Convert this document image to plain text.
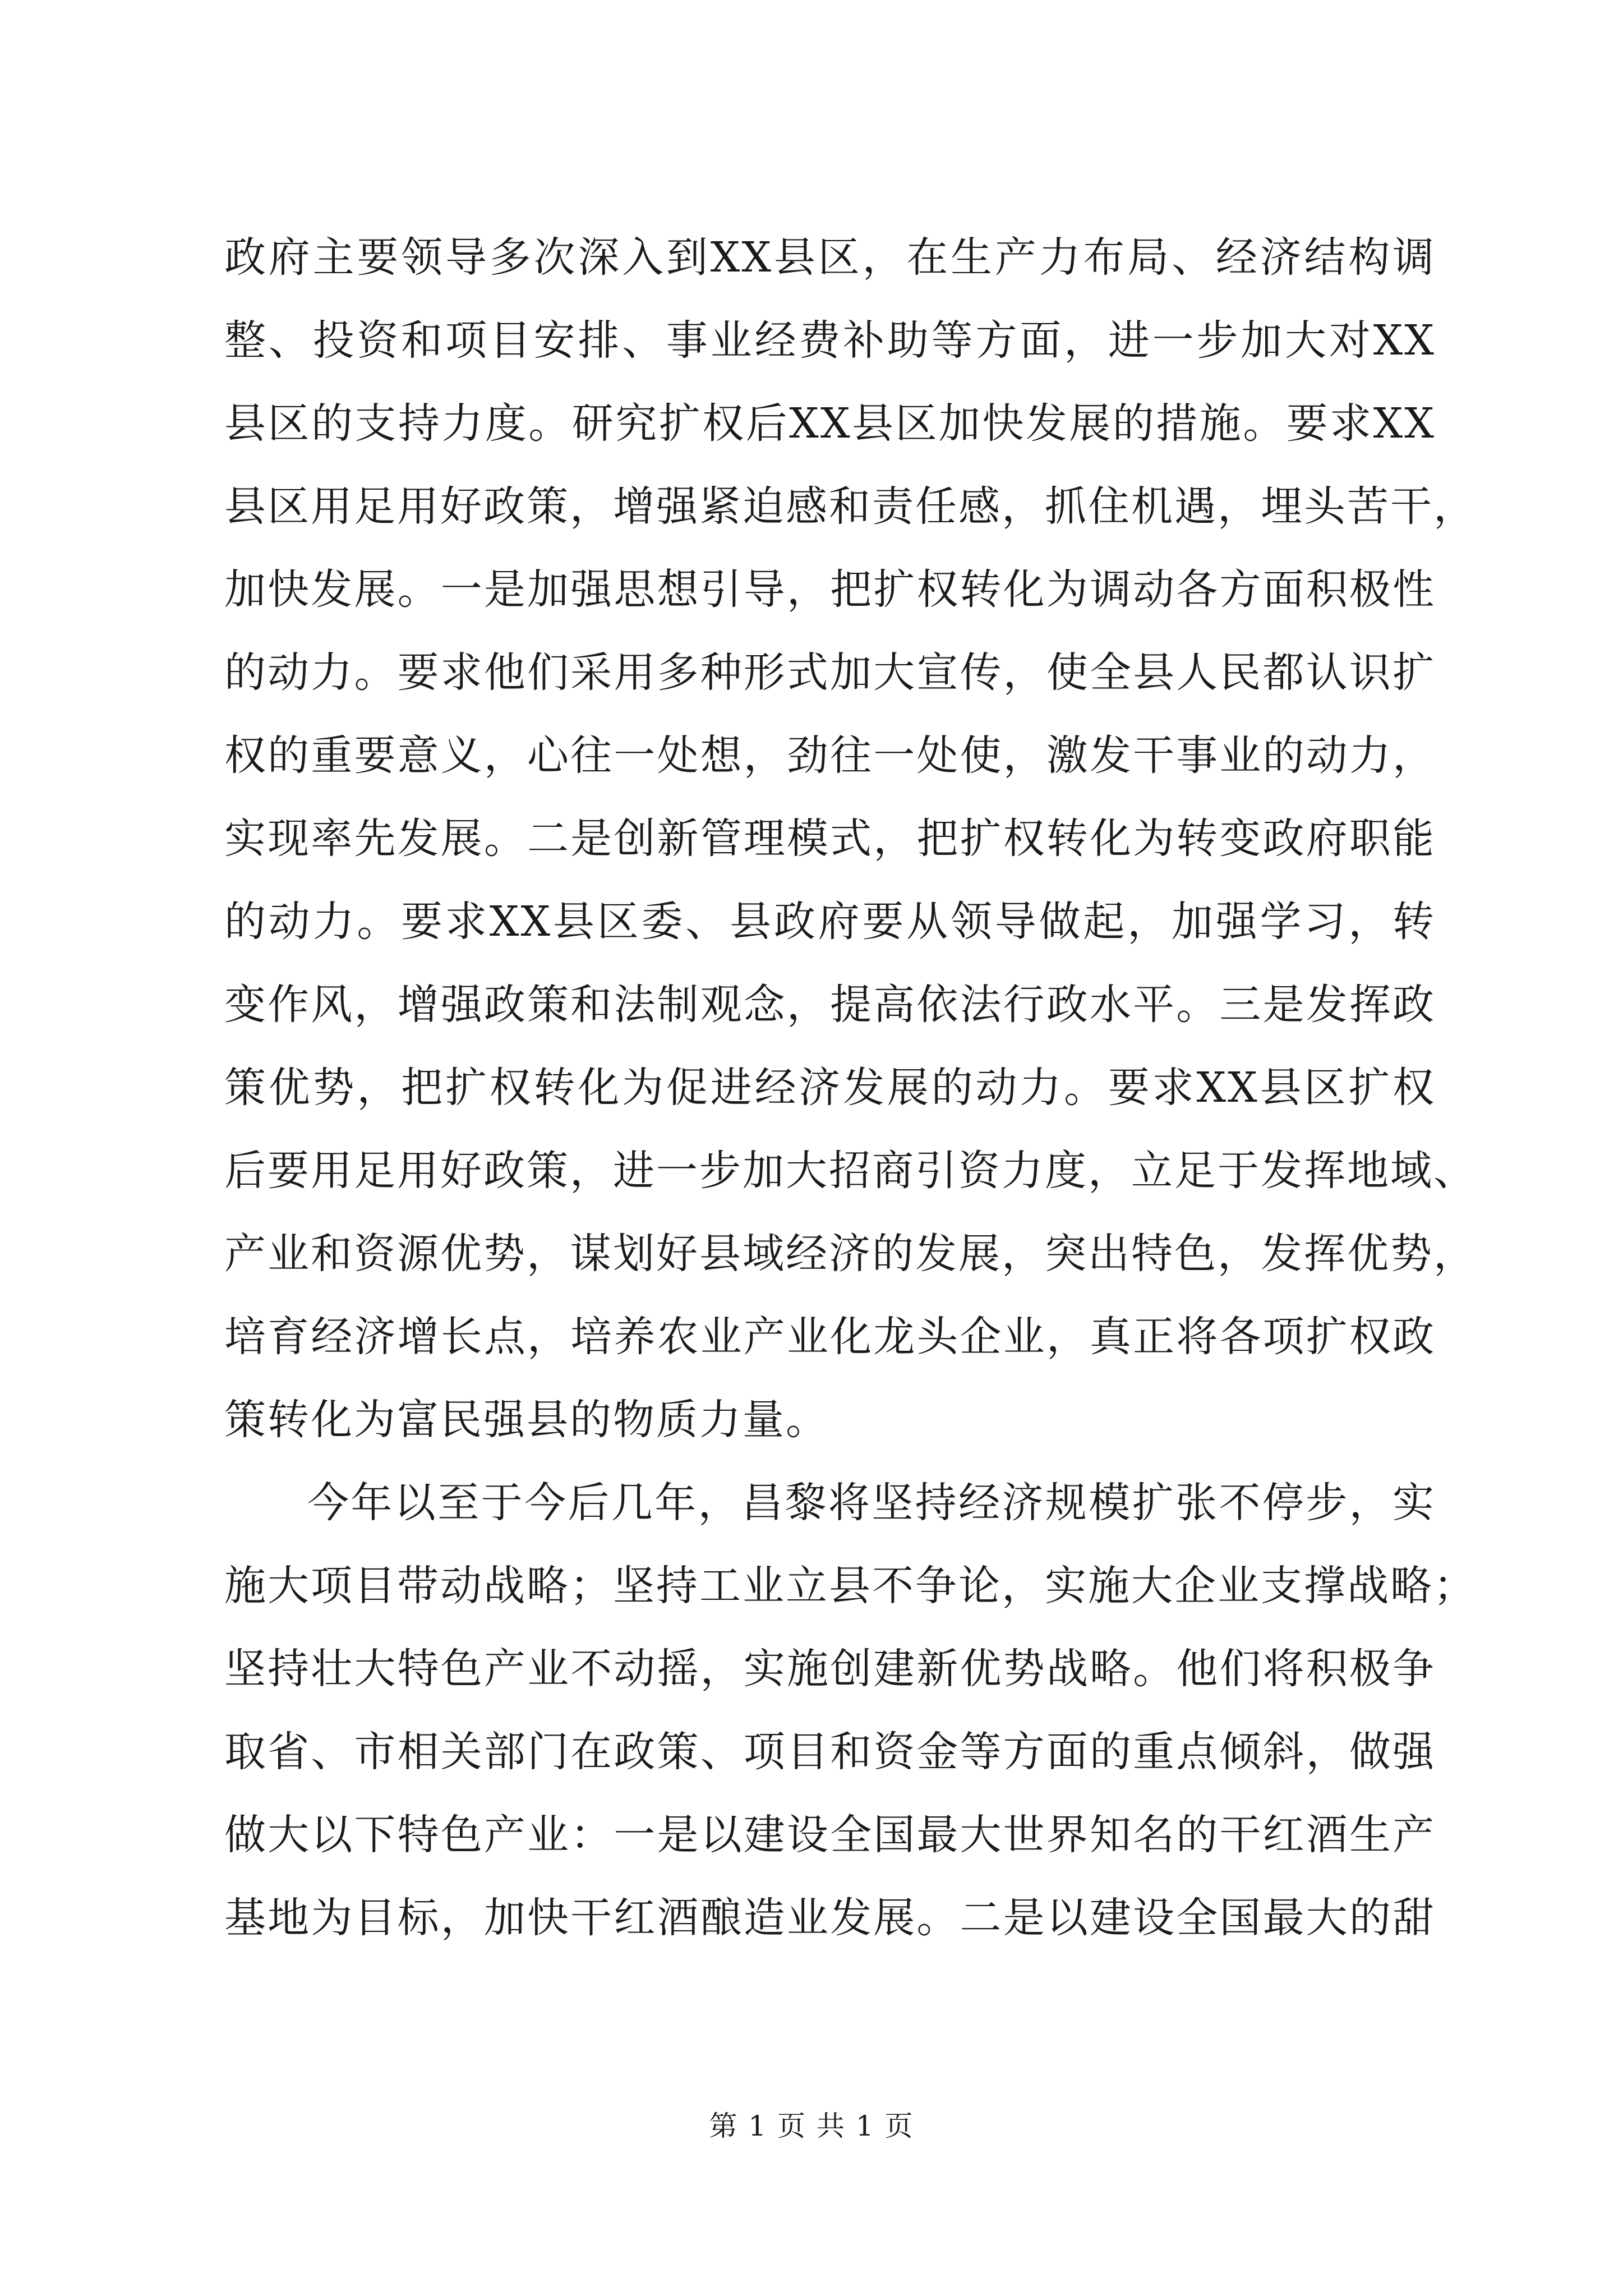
政府主要领导多次深入到XX县区，在生产力布局、经济结构调
整、投资和项目安排、事业经费补助等方面，进一步加大对XX
县区的支持力度。研究扩权后XX县区加快发展的措施。要求XX
县区用足用好政策，增强紧迫感和责任感，抓住机遇，埋头苦干，
加快发展。一是加强思想引导，把扩权转化为调动各方面积极性
的动力。要求他们采用多种形式加大宣传，使全县人民都认识扩
权的重要意义，心往一处想，劲往一处使，激发干事业的动力，
实现率先发展。二是创新管理模式，把扩权转化为转变政府职能
的动力。要求XX县区委、县政府要从领导做起，加强学习，转
变作风，增强政策和法制观念，提高依法行政水平。三是发挥政
策优势，把扩权转化为促进经济发展的动力。要求XX县区扩权
后要用足用好政策，进一步加大招商引资力度，立足于发挥地域、
产业和资源优势，谋划好县域经济的发展，突出特色，发挥优势，
培育经济增长点，培养农业产业化龙头企业，真正将各项扩权政
策转化为富民强县的物质力量。
今年以至于今后几年，昌黎将坚持经济规模扩张不停步，实
施大项目带动战略；坚持工业立县不争论，实施大企业支撑战略；
坚持壮大特色产业不动摇，实施创建新优势战略。他们将积极争
取省、市相关部门在政策、项目和资金等方面的重点倾斜，做强
做大以下特色产业：一是以建设全国最大世界知名的干红酒生产
基地为目标，加快干红酒酿造业发展。二是以建设全国最大的甜
第 1 页 共 1 页
